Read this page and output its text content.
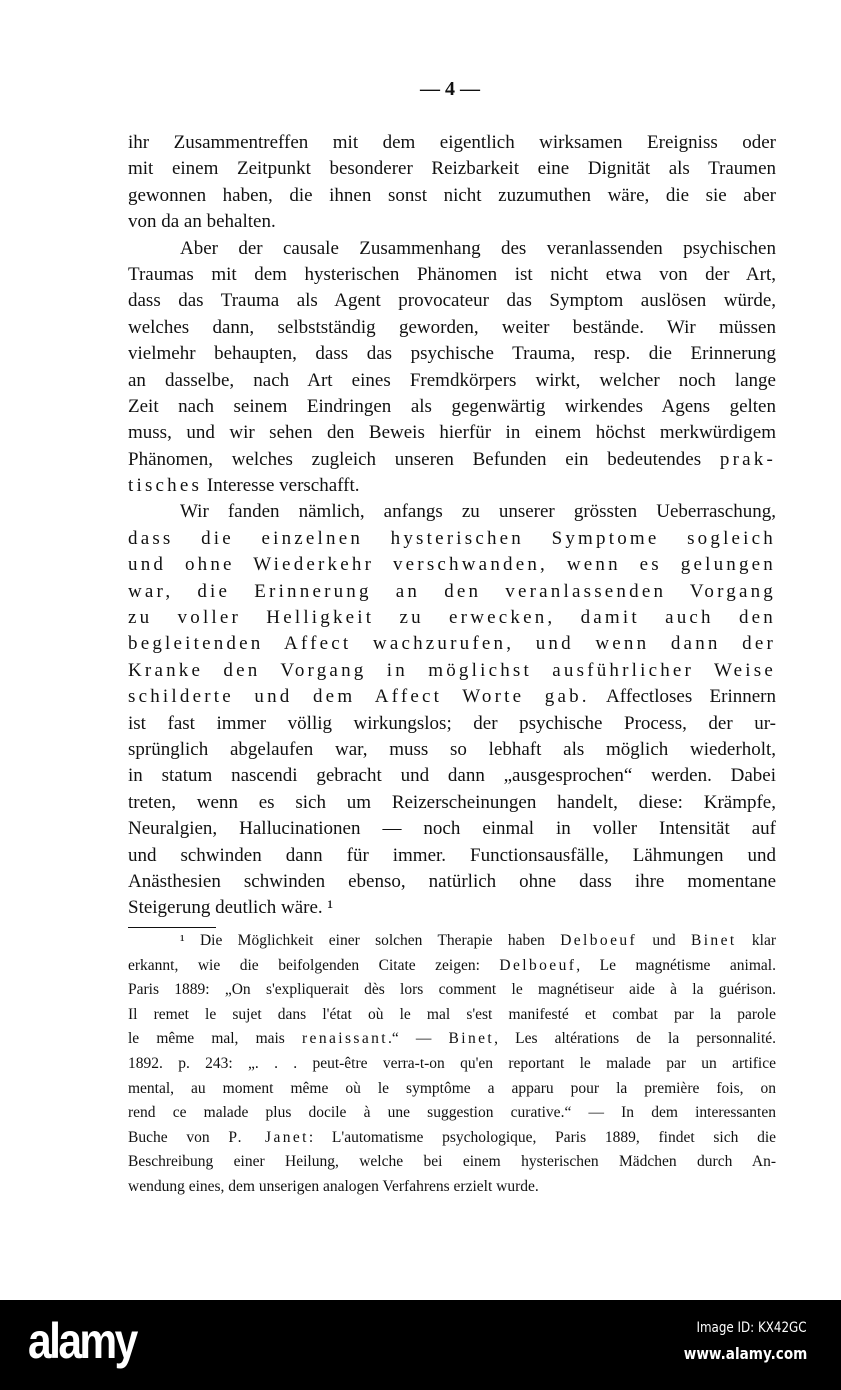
— 4 —
ihr Zusammentreffen mit dem eigentlich wirksamen Ereigniss oder
mit einem Zeitpunkt besonderer Reizbarkeit eine Dignität als Traumen
gewonnen haben, die ihnen sonst nicht zuzumuthen wäre, die sie aber
von da an behalten.
Aber der causale Zusammenhang des veranlassenden psychischen
Traumas mit dem hysterischen Phänomen ist nicht etwa von der Art,
dass das Trauma als Agent provocateur das Symptom auslösen würde,
welches dann, selbstständig geworden, weiter bestände. Wir müssen
vielmehr behaupten, dass das psychische Trauma, resp. die Erinnerung
an dasselbe, nach Art eines Fremdkörpers wirkt, welcher noch lange
Zeit nach seinem Eindringen als gegenwärtig wirkendes Agens gelten
muss, und wir sehen den Beweis hierfür in einem höchst merkwürdigem
Phänomen, welches zugleich unseren Befunden ein bedeutendes prak-
tisches Interesse verschafft.
Wir fanden nämlich, anfangs zu unserer grössten Ueberraschung,
dass die einzelnen hysterischen Symptome sogleich
und ohne Wiederkehr verschwanden, wenn es gelungen
war, die Erinnerung an den veranlassenden Vorgang
zu voller Helligkeit zu erwecken, damit auch den
begleitenden Affect wachzurufen, und wenn dann der
Kranke den Vorgang in möglichst ausführlicher Weise
schilderte und dem Affect Worte gab. Affectloses Erinnern
ist fast immer völlig wirkungslos; der psychische Process, der ur-
sprünglich abgelaufen war, muss so lebhaft als möglich wiederholt,
in statum nascendi gebracht und dann „ausgesprochen“ werden. Dabei
treten, wenn es sich um Reizerscheinungen handelt, diese: Krämpfe,
Neuralgien, Hallucinationen — noch einmal in voller Intensität auf
und schwinden dann für immer. Functionsausfälle, Lähmungen und
Anästhesien schwinden ebenso, natürlich ohne dass ihre momentane
Steigerung deutlich wäre. ¹
¹ Die Möglichkeit einer solchen Therapie haben Delboeuf und Binet klar
erkannt, wie die beifolgenden Citate zeigen: Delboeuf, Le magnétisme animal.
Paris 1889: „On s'expliquerait dès lors comment le magnétiseur aide à la guérison.
Il remet le sujet dans l'état où le mal s'est manifesté et combat par la parole
le même mal, mais renaissant.“ — Binet, Les altérations de la personnalité.
1892. p. 243: „. . . peut-être verra-t-on qu'en reportant le malade par un artifice
mental, au moment même où le symptôme a apparu pour la première fois, on
rend ce malade plus docile à une suggestion curative.“ — In dem interessanten
Buche von P. Janet: L'automatisme psychologique, Paris 1889, findet sich die
Beschreibung einer Heilung, welche bei einem hysterischen Mädchen durch An-
wendung eines, dem unserigen analogen Verfahrens erzielt wurde.
alamy	Image ID: KX42GC
www.alamy.com
